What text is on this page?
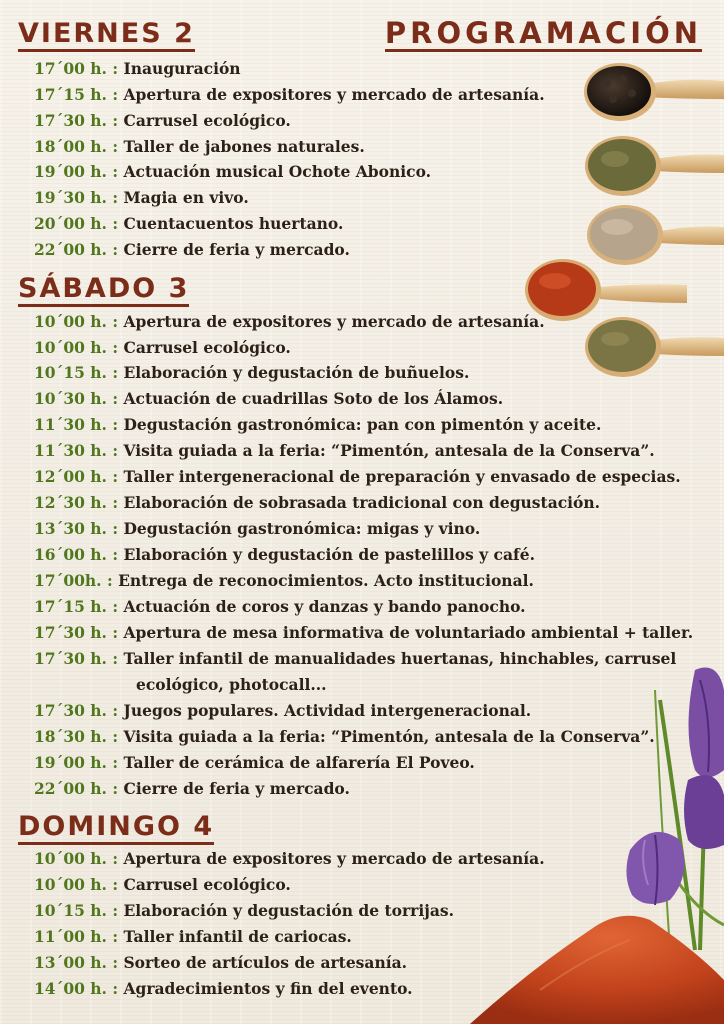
PROGRAMACIÓN
VIERNES 2
SÁBADO 3
DOMINGO 4
17´00 h. : Inauguración
17´15 h. : Apertura de expositores y mercado de artesanía.
17´30 h. : Carrusel ecológico.
18´00 h. : Taller de jabones naturales.
19´00 h. : Actuación musical Ochote Abonico.
19´30 h. : Magia en vivo.
20´00 h. : Cuentacuentos huertano.
22´00 h. : Cierre de feria y mercado.
10´00 h. : Apertura de expositores y mercado de artesanía.
10´00 h. : Carrusel ecológico.
10´15 h. : Elaboración y degustación de buñuelos.
10´30 h. : Actuación de cuadrillas Soto de los Álamos.
11´30 h. : Degustación gastronómica: pan con pimentón y aceite.
11´30 h. : Visita guiada a la feria: “Pimentón, antesala de la Conserva”.
12´00 h. : Taller intergeneracional de preparación y envasado de especias.
12´30 h. : Elaboración de sobrasada tradicional con degustación.
13´30 h. : Degustación gastronómica: migas y vino.
16´00 h. : Elaboración y degustación de pastelillos y café.
17´00h. : Entrega de reconocimientos. Acto institucional.
17´15 h. : Actuación de coros y danzas y bando panocho.
17´30 h. : Apertura de mesa informativa de voluntariado ambiental + taller.
17´30 h. : Taller infantil de manualidades huertanas, hinchables, carrusel
ecológico, photocall...
17´30 h. : Juegos populares. Actividad intergeneracional.
18´30 h. : Visita guiada a la feria: “Pimentón, antesala de la Conserva”.
19´00 h. : Taller de cerámica de alfarería El Poveo.
22´00 h. : Cierre de feria y mercado.
10´00 h. : Apertura de expositores y mercado de artesanía.
10´00 h. : Carrusel ecológico.
10´15 h. : Elaboración y degustación de torrijas.
11´00 h. : Taller infantil de cariocas.
13´00 h. : Sorteo de artículos de artesanía.
14´00 h. : Agradecimientos y fin del evento.
